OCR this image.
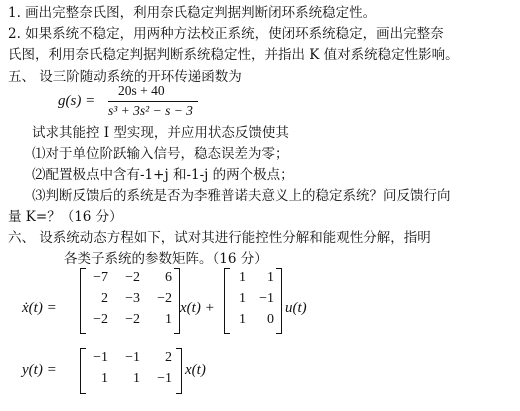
1. 画出完整奈氏图，利用奈氏稳定判据判断闭环系统稳定性。
2. 如果系统不稳定，用两种方法校正系统，使闭环系统稳定，画出完整奈
氏图，利用奈氏稳定判据判断系统稳定性，并指出 K 值对系统稳定性影响。
五、 设三阶随动系统的开环传递函数为
g(s) =
20s + 40
s³ + 3s² − s − 3
试求其能控 I 型实现，并应用状态反馈使其
⑴对于单位阶跃输入信号，稳态误差为零；
⑵配置极点中含有-1+j 和-1-j 的两个极点；
⑶判断反馈后的系统是否为李雅普诺夫意义上的稳定系统？问反馈行向
量 K=？（16 分）
六、 设系统动态方程如下，试对其进行能控性分解和能观性分解，指明
各类子系统的参数矩阵。（16 分）
ẋ(t) =
−7	−2	6
2	−3	−2
−2	−2	1
x(t) +
1	1
1 −1
1	0
u(t)
y(t) =
−1	−1	2
1	1	−1
x(t)
